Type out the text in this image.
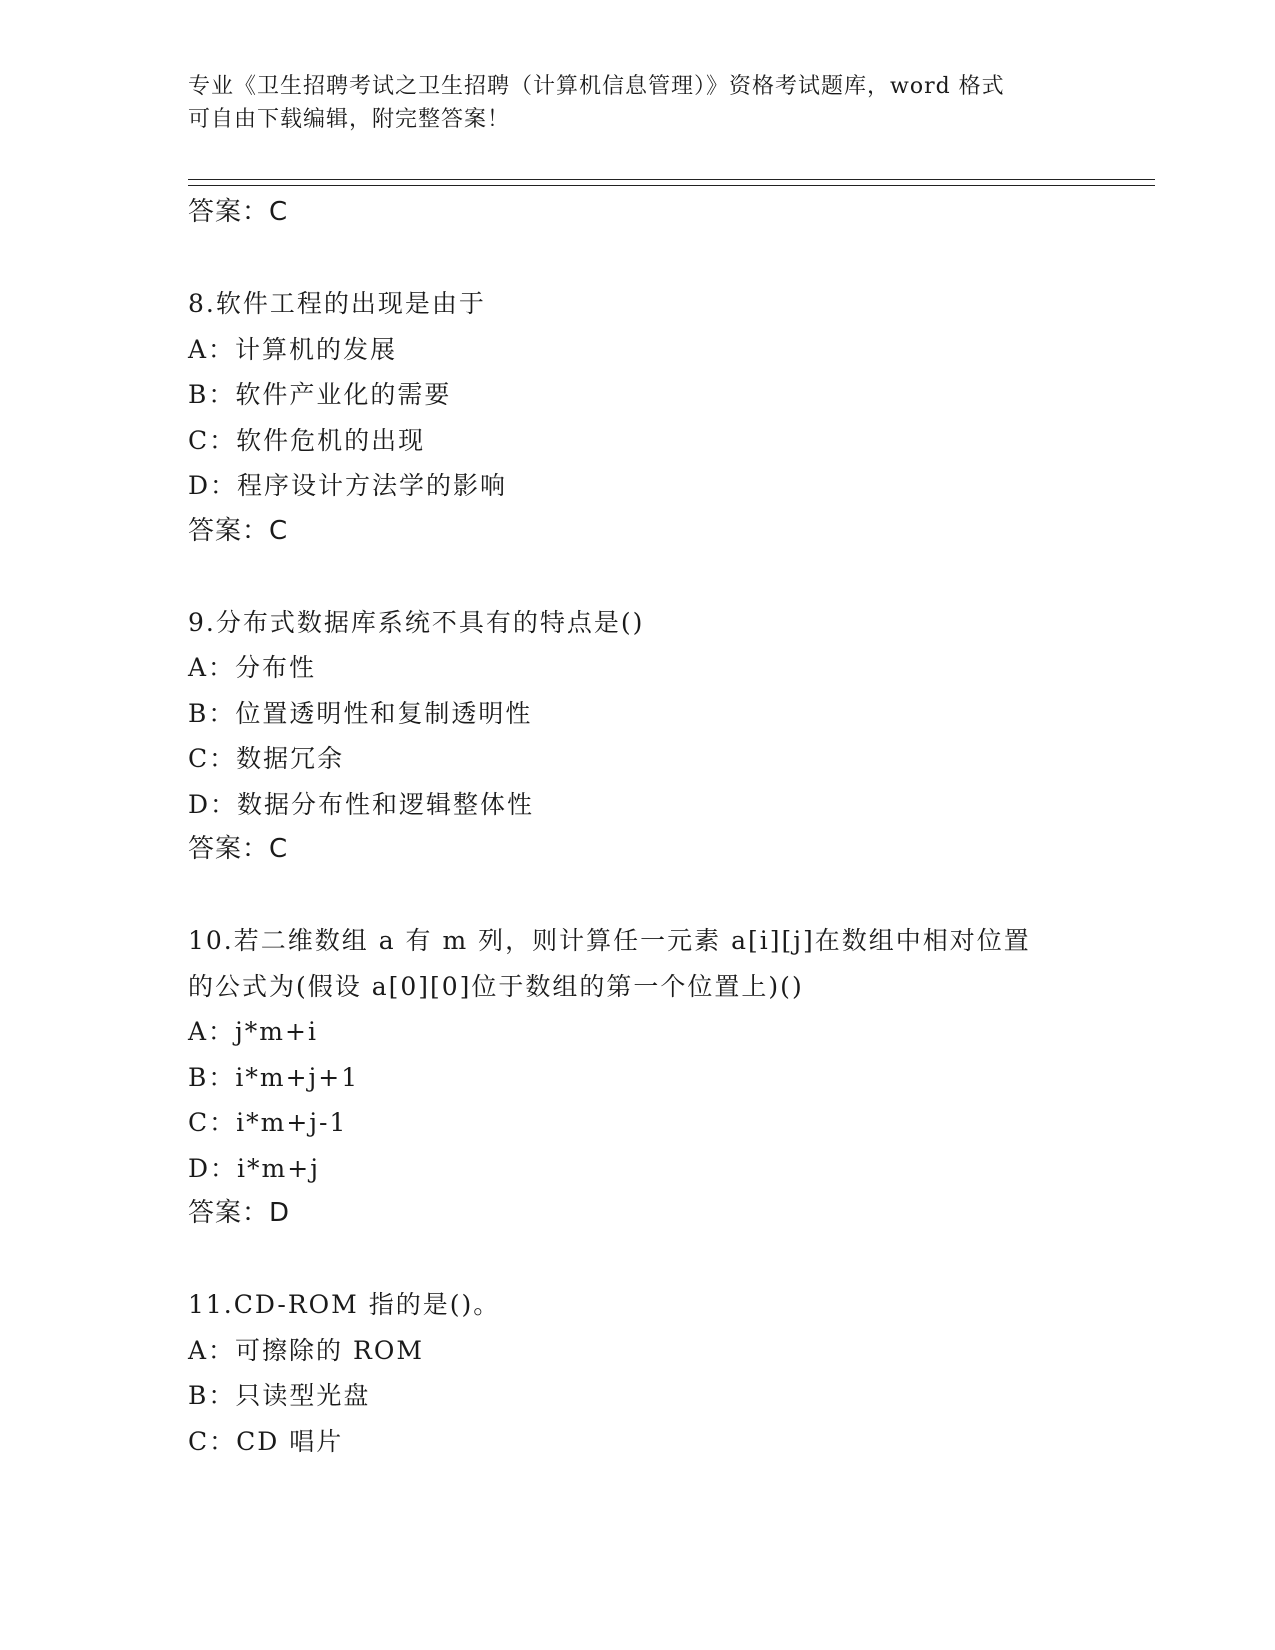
专业《卫生招聘考试之卫生招聘（计算机信息管理）》资格考试题库，word 格式
可自由下载编辑，附完整答案！
答案：C
8.软件工程的出现是由于
A：计算机的发展
B：软件产业化的需要
C：软件危机的出现
D：程序设计方法学的影响
答案：C
9.分布式数据库系统不具有的特点是()
A：分布性
B：位置透明性和复制透明性
C：数据冗余
D：数据分布性和逻辑整体性
答案：C
10.若二维数组 a 有 m 列，则计算任一元素 a[i][j]在数组中相对位置
的公式为(假设 a[0][0]位于数组的第一个位置上)()
A：j*m+i
B：i*m+j+1
C：i*m+j-1
D：i*m+j
答案：D
11.CD-ROM 指的是()。
A：可擦除的 ROM
B：只读型光盘
C：CD 唱片
